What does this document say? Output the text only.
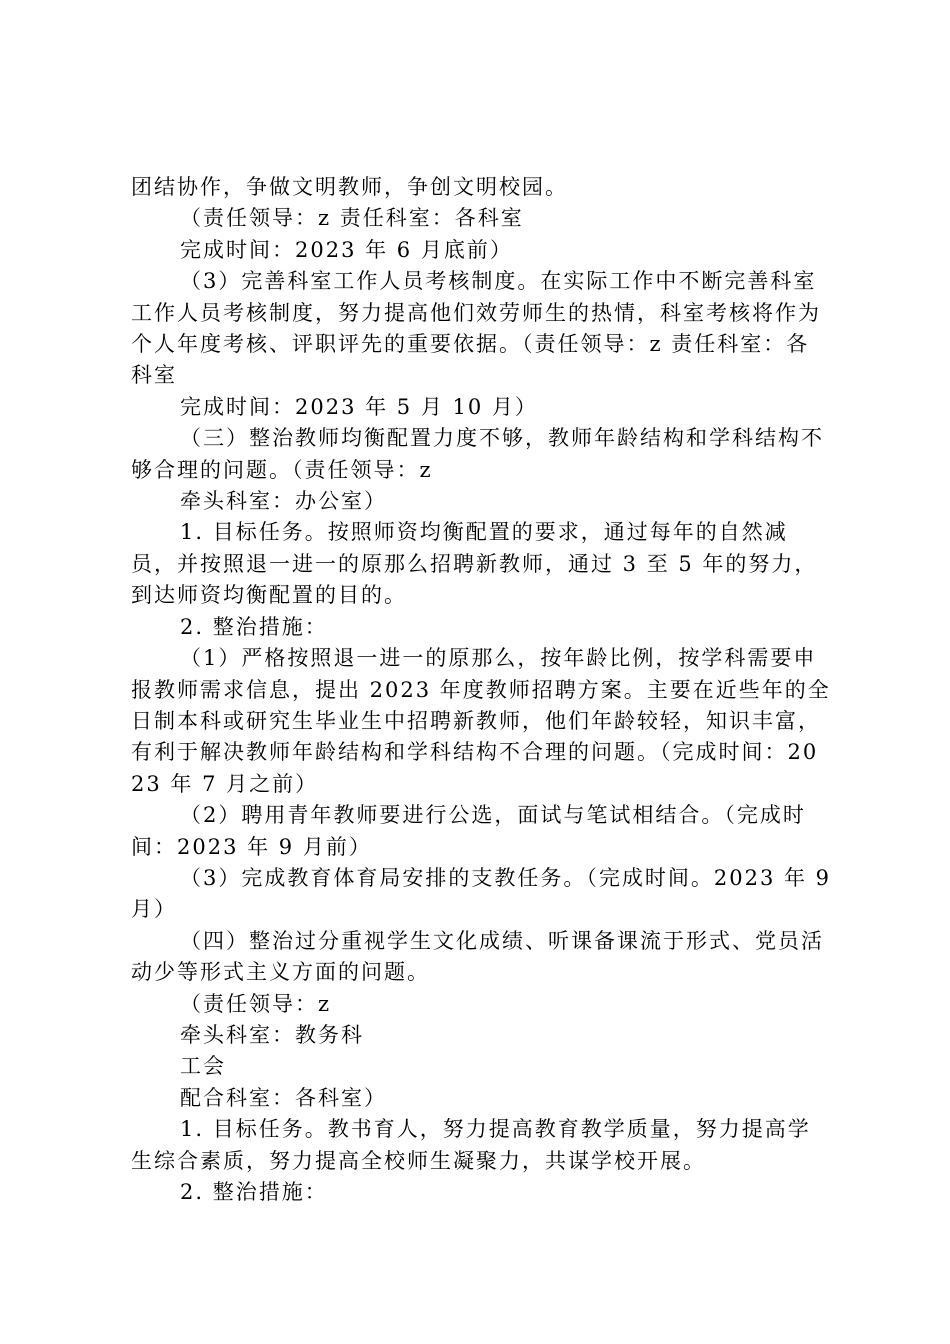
团结协作，争做文明教师，争创文明校园。

（责任领导：z 责任科室：各科室

完成时间：2023 年 6 月底前）

（3）完善科室工作人员考核制度。在实际工作中不断完善科室工作人员考核制度，努力提高他们效劳师生的热情，科室考核将作为个人年度考核、评职评先的重要依据。（责任领导：z 责任科室：各科室

完成时间：2023 年 5 月 10 月）

（三）整治教师均衡配置力度不够，教师年龄结构和学科结构不够合理的问题。（责任领导：z

牵头科室：办公室）

1. 目标任务。按照师资均衡配置的要求，通过每年的自然减员，并按照退一进一的原那么招聘新教师，通过 3 至 5 年的努力，到达师资均衡配置的目的。

2. 整治措施：

（1）严格按照退一进一的原那么，按年龄比例，按学科需要申报教师需求信息，提出 2023 年度教师招聘方案。主要在近些年的全日制本科或研究生毕业生中招聘新教师，他们年龄较轻，知识丰富，有利于解决教师年龄结构和学科结构不合理的问题。（完成时间：2023 年 7 月之前）

（2）聘用青年教师要进行公选，面试与笔试相结合。（完成时间：2023 年 9 月前）

（3）完成教育体育局安排的支教任务。（完成时间。2023 年 9 月）

（四）整治过分重视学生文化成绩、听课备课流于形式、党员活动少等形式主义方面的问题。

（责任领导：z

牵头科室：教务科

工会

配合科室：各科室）

1. 目标任务。教书育人，努力提高教育教学质量，努力提高学生综合素质，努力提高全校师生凝聚力，共谋学校开展。

2. 整治措施：
